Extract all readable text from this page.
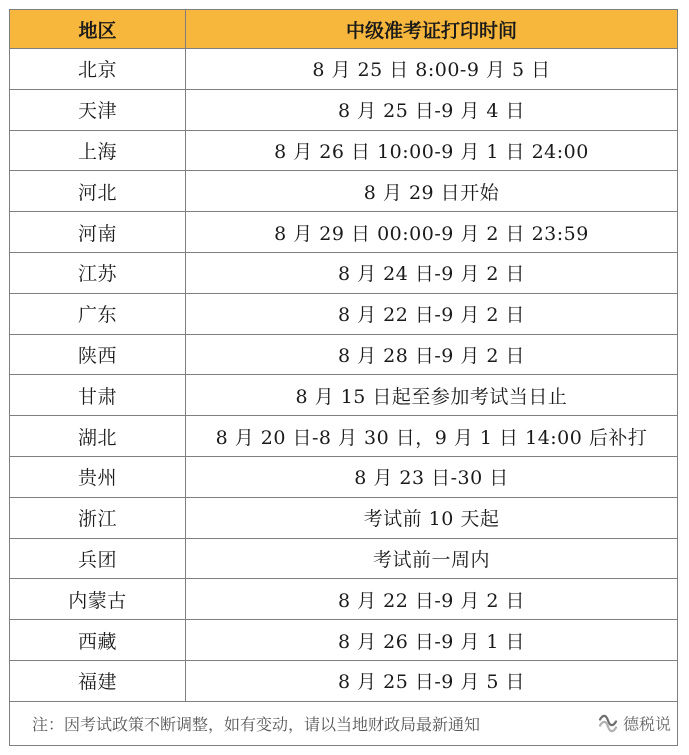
地区	中级准考证打印时间
北京	8 月 25 日 8:00-9 月 5 日
天津	8 月 25 日-9 月 4 日
上海	8 月 26 日 10:00-9 月 1 日 24:00
河北	8 月 29 日开始
河南	8 月 29 日 00:00-9 月 2 日 23:59
江苏	8 月 24 日-9 月 2 日
广东	8 月 22 日-9 月 2 日
陕西	8 月 28 日-9 月 2 日
甘肃	8 月 15 日起至参加考试当日止
湖北	8 月 20 日-8 月 30 日，9 月 1 日 14:00 后补打
贵州	8 月 23 日-30 日
浙江	考试前 10 天起
兵团	考试前一周内
内蒙古	8 月 22 日-9 月 2 日
西藏	8 月 26 日-9 月 1 日
福建	8 月 25 日-9 月 5 日
注：因考试政策不断调整，如有变动，请以当地财政局最新通知 德税说	
